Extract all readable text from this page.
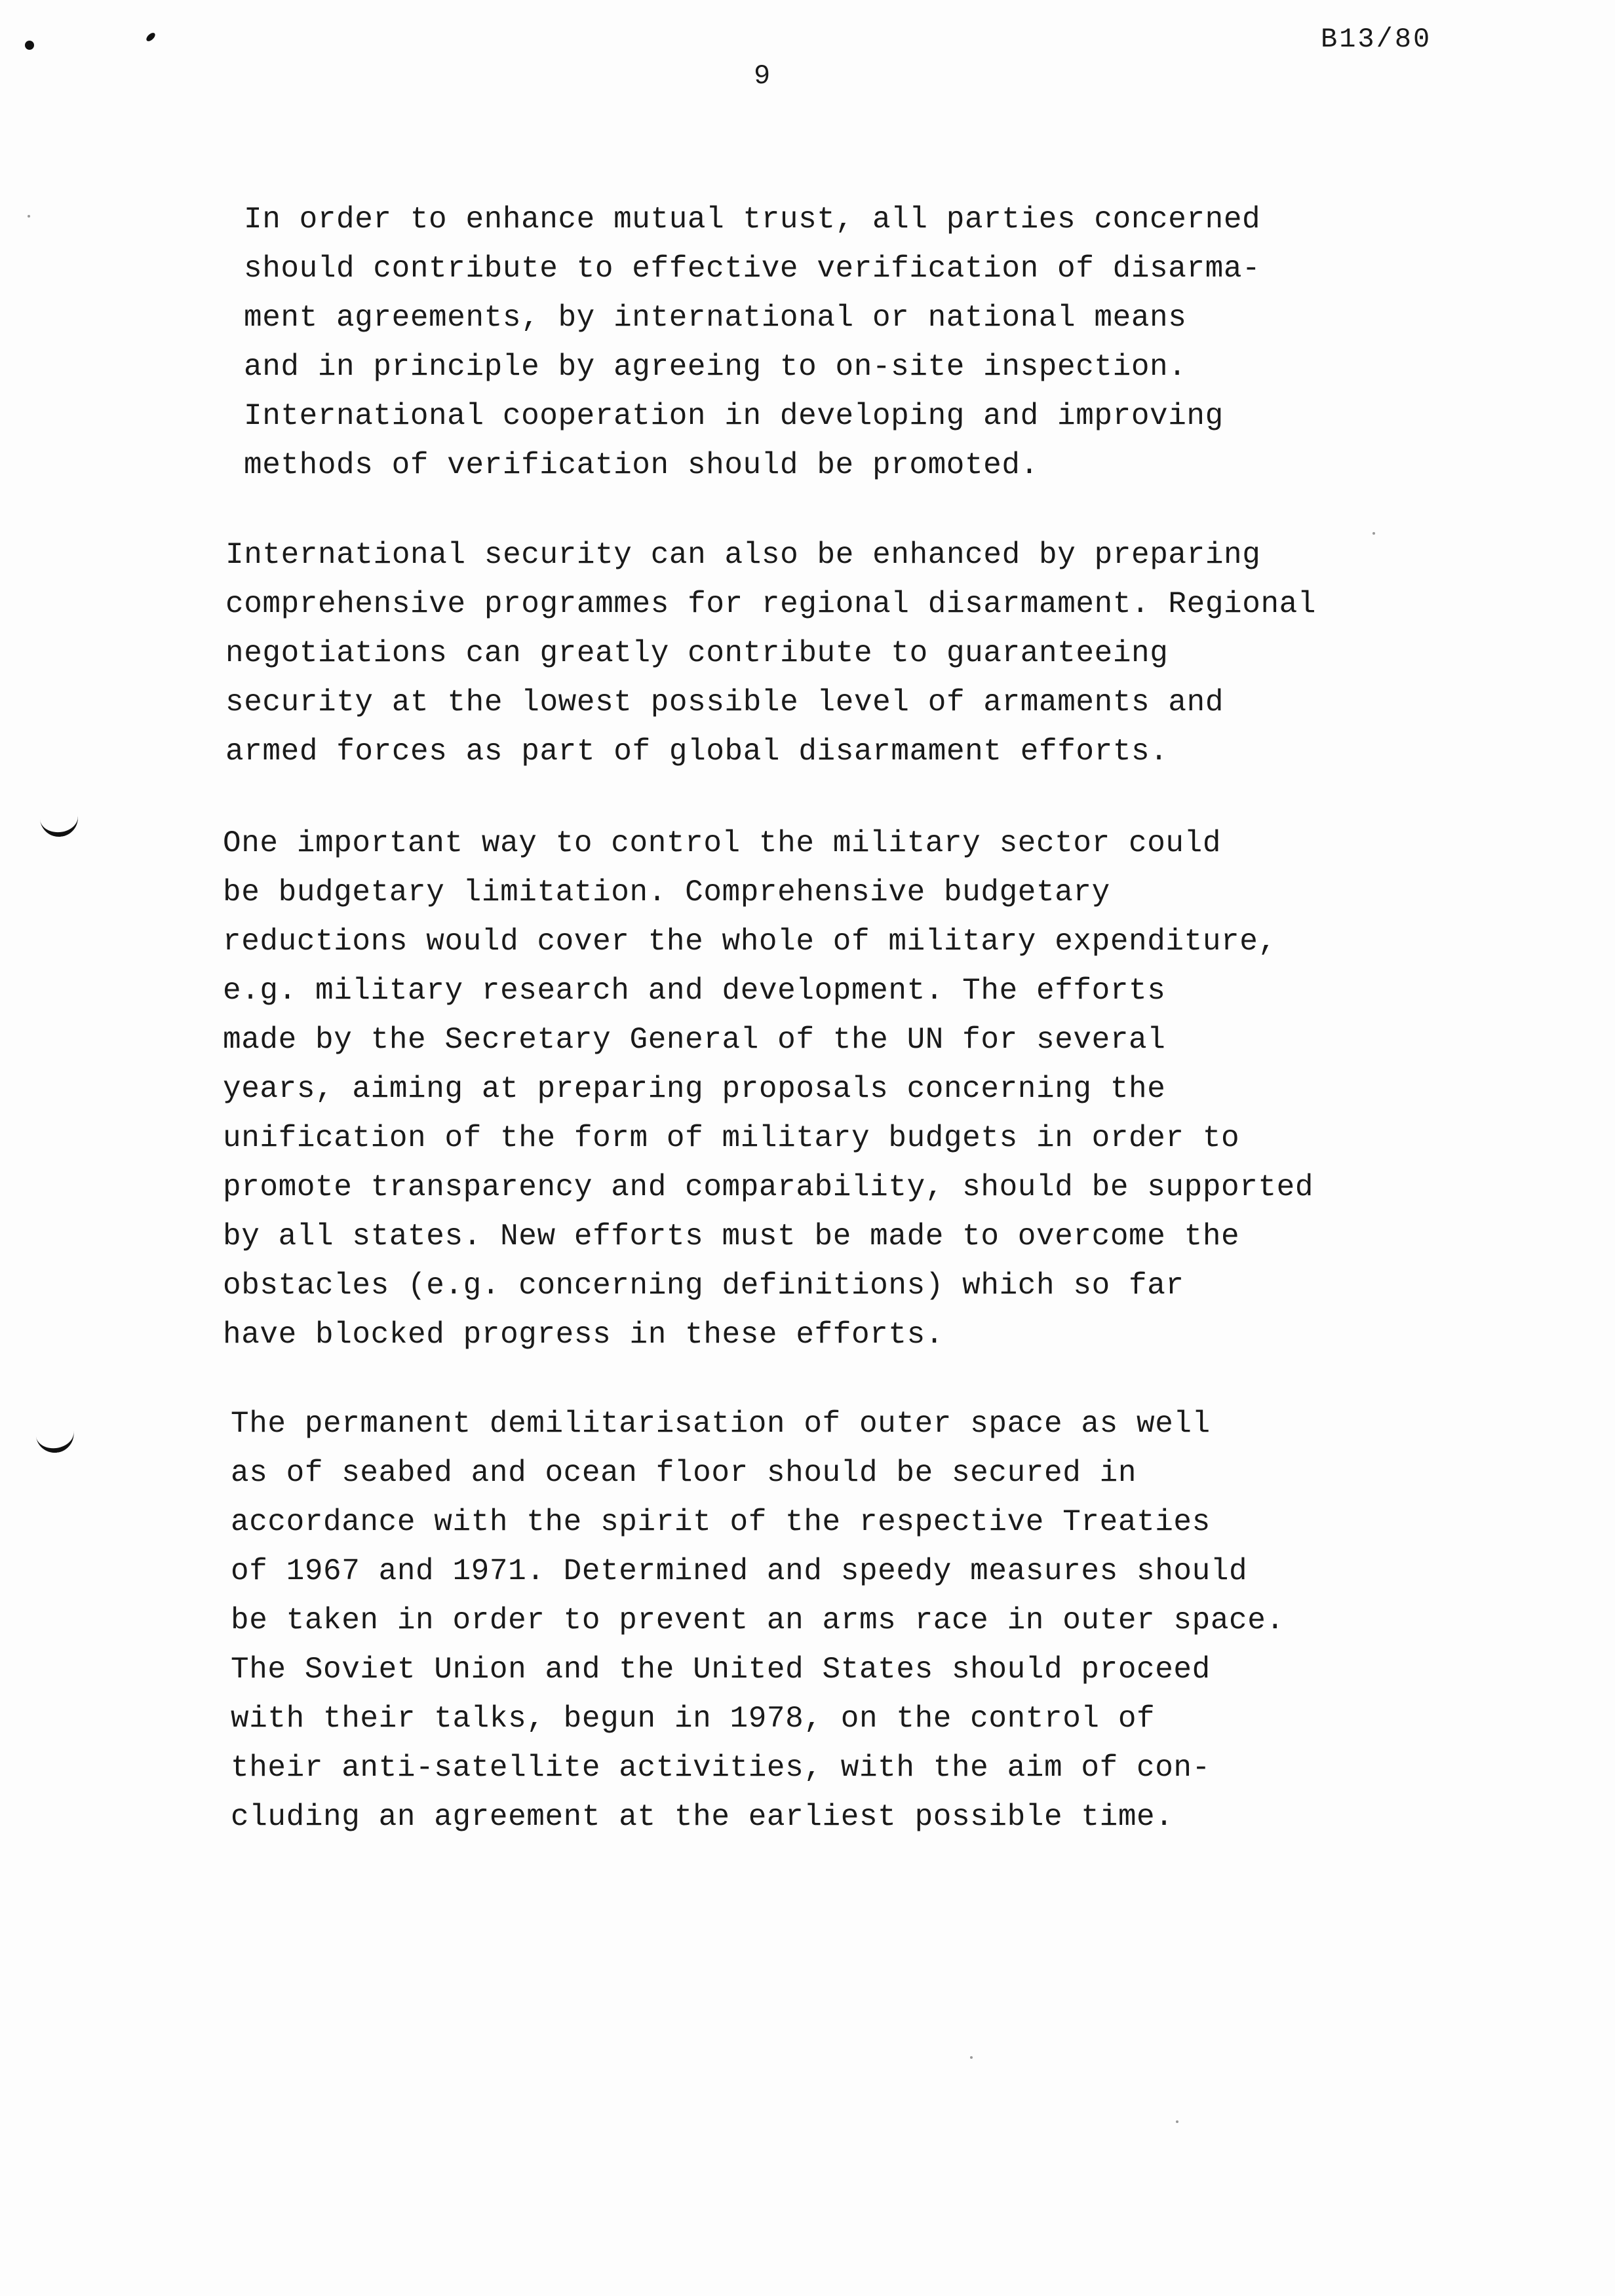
B13/80
9
In order to enhance mutual trust, all parties concerned
should contribute to effective verification of disarma-
ment agreements, by international or national means
and in principle by agreeing to on-site inspection.
International cooperation in developing and improving
methods of verification should be promoted.
International security can also be enhanced by preparing
comprehensive programmes for regional disarmament. Regional
negotiations can greatly contribute to guaranteeing
security at the lowest possible level of armaments and
armed forces as part of global disarmament efforts.
One important way to control the military sector could
be budgetary limitation. Comprehensive budgetary
reductions would cover the whole of military expenditure,
e.g. military research and development. The efforts
made by the Secretary General of the UN for several
years, aiming at preparing proposals concerning the
unification of the form of military budgets in order to
promote transparency and comparability, should be supported
by all states. New efforts must be made to overcome the
obstacles (e.g. concerning definitions) which so far
have blocked progress in these efforts.
The permanent demilitarisation of outer space as well
as of seabed and ocean floor should be secured in
accordance with the spirit of the respective Treaties
of 1967 and 1971. Determined and speedy measures should
be taken in order to prevent an arms race in outer space.
The Soviet Union and the United States should proceed
with their talks, begun in 1978, on the control of
their anti-satellite activities, with the aim of con-
cluding an agreement at the earliest possible time.
